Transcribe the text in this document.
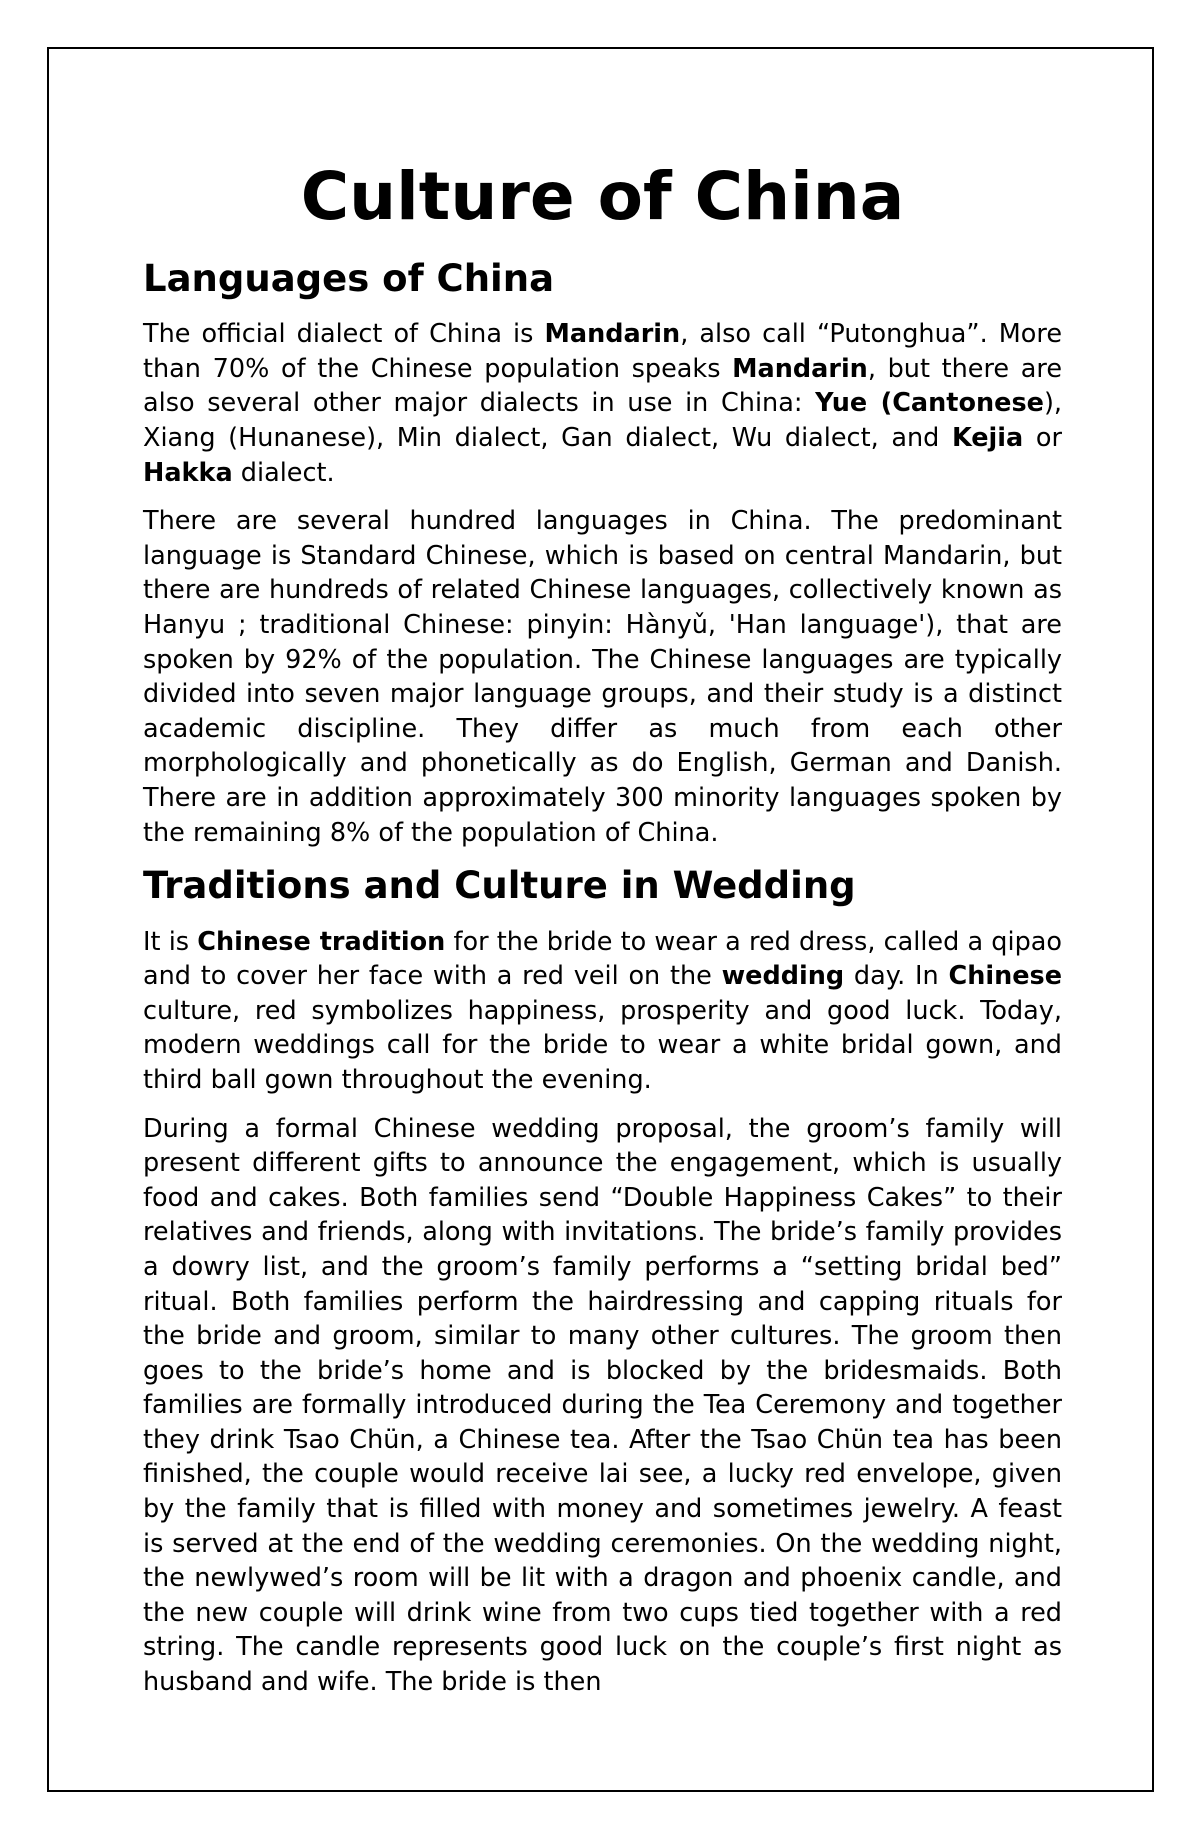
Culture of China
Languages of China

The official dialect of China is Mandarin, also call “Putonghua”. More than 70% of the Chinese population speaks Mandarin, but there are also several other major dialects in use in China: Yue (Cantonese), Xiang (Hunanese), Min dialect, Gan dialect, Wu dialect, and Kejia or Hakka dialect.

There are several hundred languages in China. The predominant language is Standard Chinese, which is based on central Mandarin, but there are hundreds of related Chinese languages, collectively known as Hanyu ; traditional Chinese: pinyin: Hànyǔ, 'Han language'), that are spoken by 92% of the population. The Chinese languages are typically divided into seven major language groups, and their study is a distinct academic discipline. They differ as much from each other morphologically and phonetically as do English, German and Danish. There are in addition approximately 300 minority languages spoken by the remaining 8% of the population of China.

Traditions and Culture in Wedding

It is Chinese tradition for the bride to wear a red dress, called a qipao and to cover her face with a red veil on the wedding day. In Chinese culture, red symbolizes happiness, prosperity and good luck. Today, modern weddings call for the bride to wear a white bridal gown, and third ball gown throughout the evening.

During a formal Chinese wedding proposal, the groom’s family will present different gifts to announce the engagement, which is usually food and cakes. Both families send “Double Happiness Cakes” to their relatives and friends, along with invitations. The bride’s family provides a dowry list, and the groom’s family performs a “setting bridal bed” ritual. Both families perform the hairdressing and capping rituals for the bride and groom, similar to many other cultures. The groom then goes to the bride’s home and is blocked by the bridesmaids. Both families are formally introduced during the Tea Ceremony and together they drink Tsao Chün, a Chinese tea. After the Tsao Chün tea has been finished, the couple would receive lai see, a lucky red envelope, given by the family that is filled with money and sometimes jewelry. A feast is served at the end of the wedding ceremonies. On the wedding night, the newlywed’s room will be lit with a dragon and phoenix candle, and the new couple will drink wine from two cups tied together with a red string. The candle represents good luck on the couple’s first night as husband and wife. The bride is then
